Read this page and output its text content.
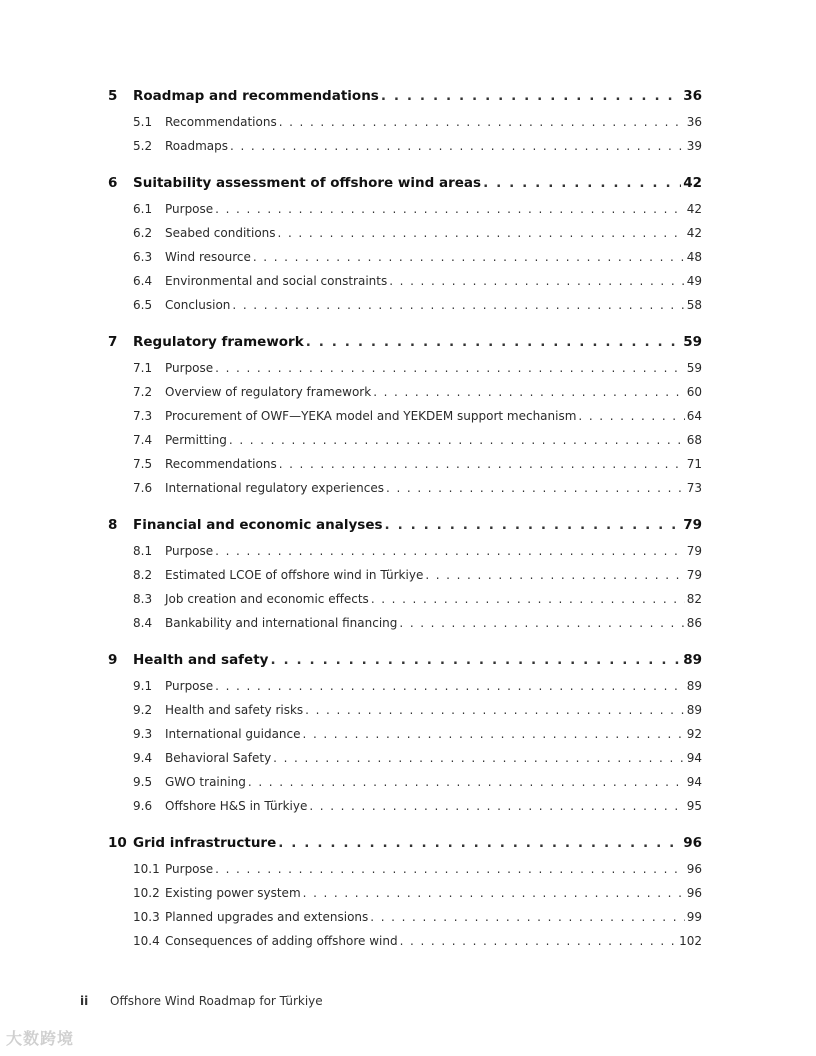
5	Roadmap and recommendations . . .	36
5.1	Recommendations . . .	36
5.2	Roadmaps . . .	39
6	Suitability assessment of offshore wind areas . . .	42
6.1	Purpose . . .	42
6.2	Seabed conditions . . .	42
6.3	Wind resource . . .	48
6.4	Environmental and social constraints . . .	49
6.5	Conclusion . . .	58
7	Regulatory framework . . .	59
7.1	Purpose . . .	59
7.2	Overview of regulatory framework . . .	60
7.3	Procurement of OWF—YEKA model and YEKDEM support mechanism . . .	64
7.4	Permitting . . .	68
7.5	Recommendations . . .	71
7.6	International regulatory experiences . . .	73
8	Financial and economic analyses . . .	79
8.1	Purpose . . .	79
8.2	Estimated LCOE of offshore wind in Türkiye . . .	79
8.3	Job creation and economic effects . . .	82
8.4	Bankability and international financing . . .	86
9	Health and safety . . .	89
9.1	Purpose . . .	89
9.2	Health and safety risks . . .	89
9.3	International guidance . . .	92
9.4	Behavioral Safety . . .	94
9.5	GWO training . . .	94
9.6	Offshore H&S in Türkiye . . .	95
10 Grid infrastructure . . .	96
10.1 Purpose . . .	96
10.2 Existing power system . . .	96
10.3 Planned upgrades and extensions . . .	99
10.4 Consequences of adding offshore wind . . .	102
ii	Offshore Wind Roadmap for Türkiye
大数跨境
